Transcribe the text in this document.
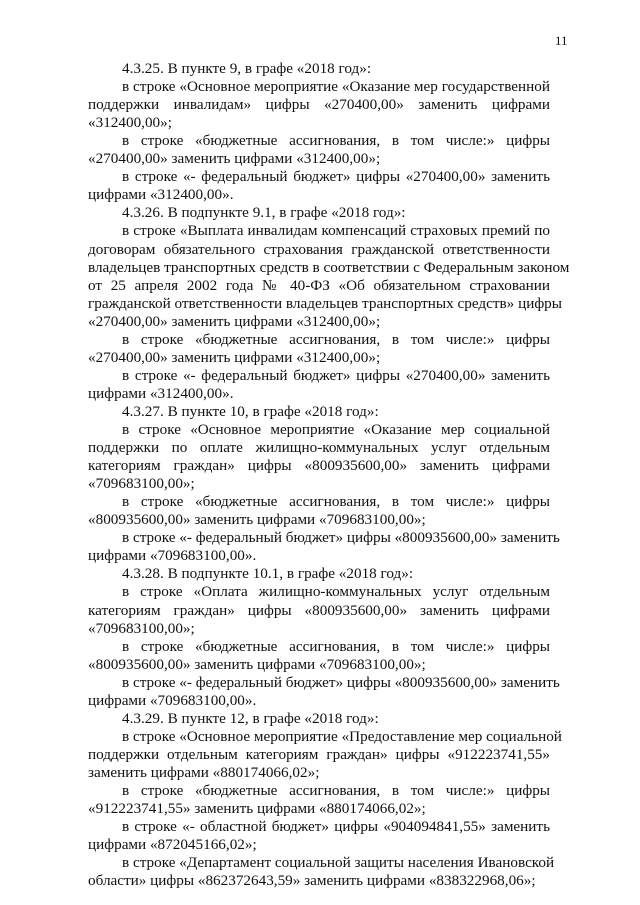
11
4.3.25. В пункте 9, в графе «2018 год»:
в строке «Основное мероприятие «Оказание мер государственной
поддержки инвалидам» цифры «270400,00» заменить цифрами
«312400,00»;
в строке «бюджетные ассигнования, в том числе:» цифры
«270400,00» заменить цифрами «312400,00»;
в строке «- федеральный бюджет» цифры «270400,00» заменить
цифрами «312400,00».
4.3.26. В подпункте 9.1, в графе «2018 год»:
в строке «Выплата инвалидам компенсаций страховых премий по
договорам обязательного страхования гражданской ответственности
владельцев транспортных средств в соответствии с Федеральным законом
от 25 апреля 2002 года № 40-ФЗ «Об обязательном страховании
гражданской ответственности владельцев транспортных средств» цифры
«270400,00» заменить цифрами «312400,00»;
в строке «бюджетные ассигнования, в том числе:» цифры
«270400,00» заменить цифрами «312400,00»;
в строке «- федеральный бюджет» цифры «270400,00» заменить
цифрами «312400,00».
4.3.27. В пункте 10, в графе «2018 год»:
в строке «Основное мероприятие «Оказание мер социальной
поддержки по оплате жилищно-коммунальных услуг отдельным
категориям граждан» цифры «800935600,00» заменить цифрами
«709683100,00»;
в строке «бюджетные ассигнования, в том числе:» цифры
«800935600,00» заменить цифрами «709683100,00»;
в строке «- федеральный бюджет» цифры «800935600,00» заменить
цифрами «709683100,00».
4.3.28. В подпункте 10.1, в графе «2018 год»:
в строке «Оплата жилищно-коммунальных услуг отдельным
категориям граждан» цифры «800935600,00» заменить цифрами
«709683100,00»;
в строке «бюджетные ассигнования, в том числе:» цифры
«800935600,00» заменить цифрами «709683100,00»;
в строке «- федеральный бюджет» цифры «800935600,00» заменить
цифрами «709683100,00».
4.3.29. В пункте 12, в графе «2018 год»:
в строке «Основное мероприятие «Предоставление мер социальной
поддержки отдельным категориям граждан» цифры «912223741,55»
заменить цифрами «880174066,02»;
в строке «бюджетные ассигнования, в том числе:» цифры
«912223741,55» заменить цифрами «880174066,02»;
в строке «- областной бюджет» цифры «904094841,55» заменить
цифрами «872045166,02»;
в строке «Департамент социальной защиты населения Ивановской
области» цифры «862372643,59» заменить цифрами «838322968,06»;
